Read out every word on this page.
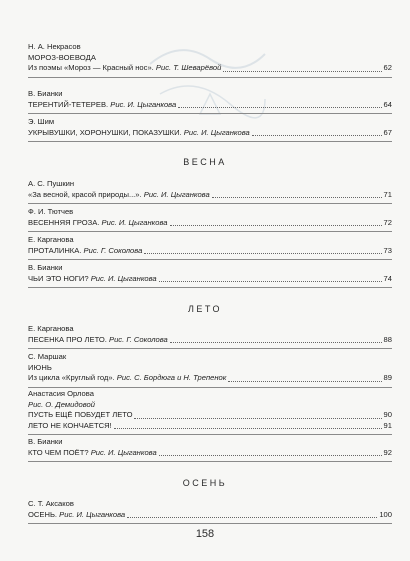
Н. А. Некрасов
МОРОЗ-ВОЕВОДА
Из поэмы «Мороз — Красный нос». Рис. Т. Шеварёвой	62
В. Бианки
ТЕРЕНТИЙ-ТЕТЕРЕВ. Рис. И. Цыганкова	64
Э. Шим
УКРЫВУШКИ, ХОРОНУШКИ, ПОКАЗУШКИ. Рис. И. Цыганкова	67
ВЕСНА
А. С. Пушкин
«За весной, красой природы...». Рис. И. Цыганкова	71
Ф. И. Тютчев
ВЕСЕННЯЯ ГРОЗА. Рис. И. Цыганкова	72
Е. Карганова
ПРОТАЛИНКА. Рис. Г. Соколова	73
В. Бианки
ЧЬИ ЭТО НОГИ? Рис. И. Цыганкова	74
ЛЕТО
Е. Карганова
ПЕСЕНКА ПРО ЛЕТО. Рис. Г. Соколова	88
С. Маршак
ИЮНЬ
Из цикла «Круглый год». Рис. С. Бордюга и Н. Трепенок	89
Анастасия Орлова
Рис. О. Демидовой
ПУСТЬ ЕЩЁ ПОБУДЕТ ЛЕТО	90
ЛЕТО НЕ КОНЧАЕТСЯ!	91
В. Бианки
КТО ЧЕМ ПОЁТ? Рис. И. Цыганкова	92
ОСЕНЬ
С. Т. Аксаков
ОСЕНЬ. Рис. И. Цыганкова	100
158
